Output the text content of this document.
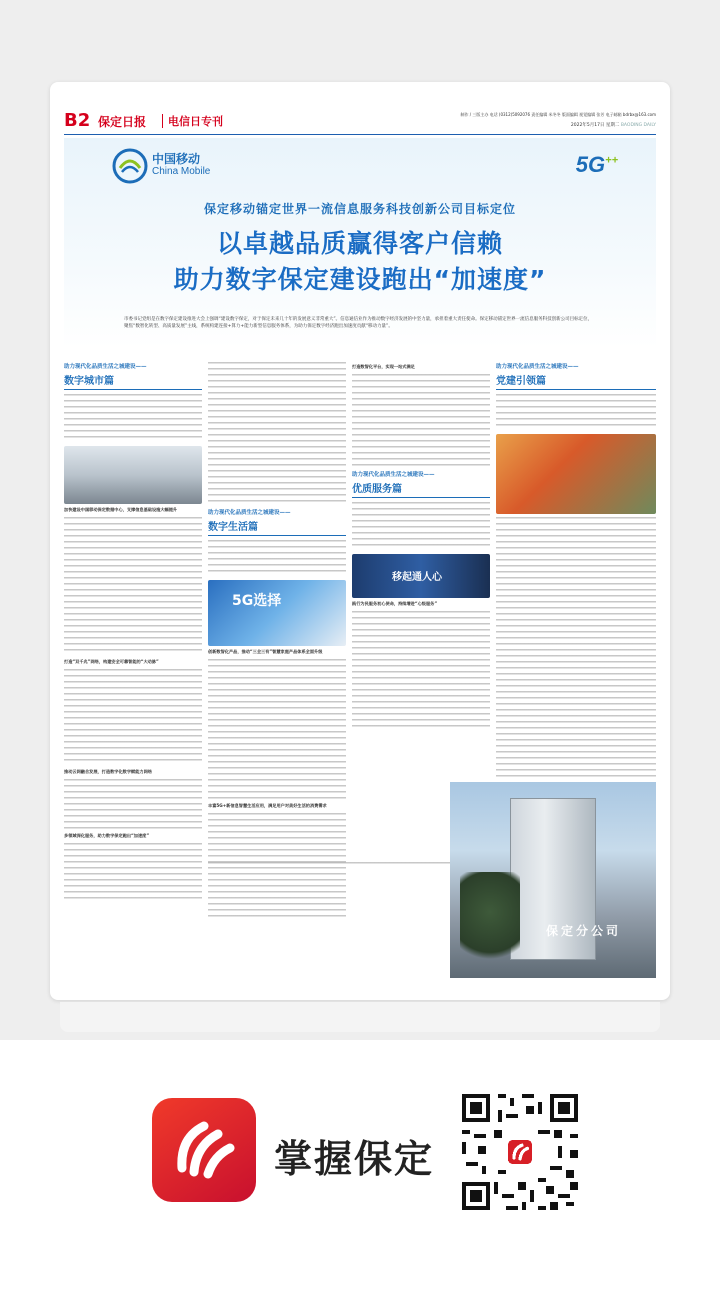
B2 保定日报 电信日专刊
制作 / 三版主办 电话 (0312)5092076 责任编辑 米冬冬 版面编辑 视觉编辑 张芳 电子邮箱 bdrbx@163.com
2022年5月17日 星期二 BAODING DAILY
中国移动
China Mobile	5G++
保定移动锚定世界一流信息服务科技创新公司目标定位
以卓越品质赢得客户信赖
助力数字保定建设跑出“加速度”
市委书记党组是在数字保定建设推进大会上强调“建设数字保定，对于保定未来几十年的发展意义非常重大”。信息通信业作为推动数字经济发展的中坚力量，承担着重大责任使命。保定移动锚定世界一流信息服务科技创新公司目标定位，聚焦“数智化转型、高质量发展”主线，系统构建连接+算力+能力新型信息服务体系，为助力保定数字经济跑出加速度贡献“移动力量”。
助力现代化品质生活之城建设——
数字城市篇
加快建设中国移动保定数据中心，支撑信息基础设施大幅提升
打造“双千兆”网络，构建安全可靠智能的“大动脉”
推动云网融合发展，打造数字化数字赋能力网络
多领域深化服务，助力数字保定跑出“加速度”
助力现代化品质生活之城建设——
数字生活篇
5G选择
创新数智化产品，推动“三全三有”智慧家庭产品体系全面升级
丰富5G+新信息智慧生活应用，满足用户对美好生活的消费需求
打造数智化平台，实现一站式满足
助力现代化品质生活之城建设——
优质服务篇
移起通人心
践行为民服务初心使命，持续增进“心级服务”
助力现代化品质生活之城建设——
党建引领篇
保定分公司
掌握保定
